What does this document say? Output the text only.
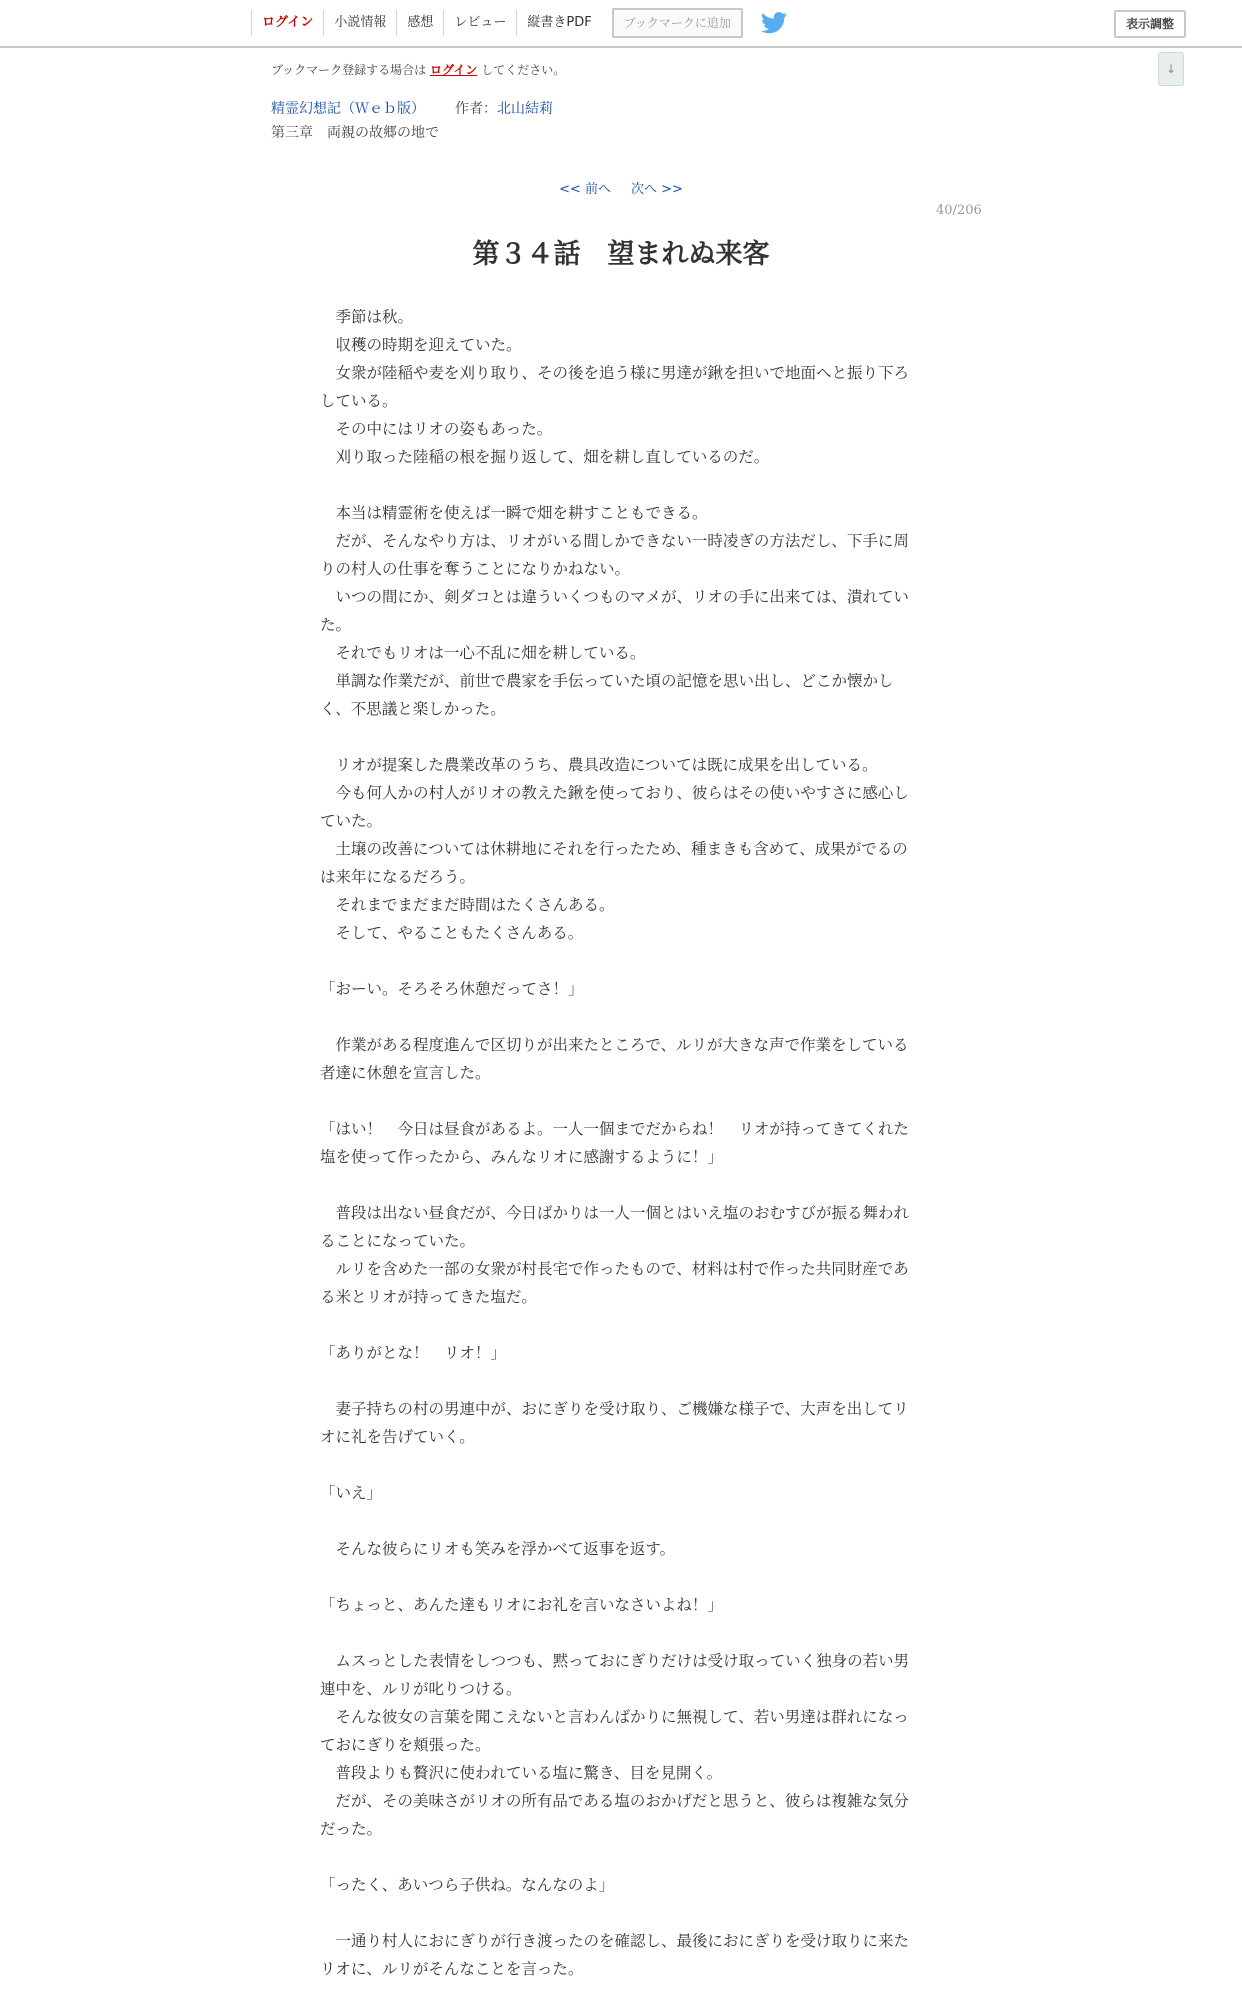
ログイン	小説情報	感想	レビュー	縦書きPDF	ブックマークに追加	表示調整
↓
ブックマーク登録する場合は ログイン してください。
精霊幻想記（Ｗｅｂ版） 作者：北山結莉
第三章　両親の故郷の地で
<< 前へ 次へ >>
40/206
第３４話　望まれぬ来客

　季節は秋。

　収穫の時期を迎えていた。

　女衆が陸稲や麦を刈り取り、その後を追う様に男達が鍬を担いで地面へと振り下ろしている。

　その中にはリオの姿もあった。

　刈り取った陸稲の根を掘り返して、畑を耕し直しているのだ。

　本当は精霊術を使えば一瞬で畑を耕すこともできる。

　だが、そんなやり方は、リオがいる間しかできない一時凌ぎの方法だし、下手に周りの村人の仕事を奪うことになりかねない。

　いつの間にか、剣ダコとは違ういくつものマメが、リオの手に出来ては、潰れていた。

　それでもリオは一心不乱に畑を耕している。

　単調な作業だが、前世で農家を手伝っていた頃の記憶を思い出し、どこか懐かしく、不思議と楽しかった。

　リオが提案した農業改革のうち、農具改造については既に成果を出している。

　今も何人かの村人がリオの教えた鍬を使っており、彼らはその使いやすさに感心していた。

　土壌の改善については休耕地にそれを行ったため、種まきも含めて、成果がでるのは来年になるだろう。

　それまでまだまだ時間はたくさんある。

　そして、やることもたくさんある。

「おーい。そろそろ休憩だってさ！」

　作業がある程度進んで区切りが出来たところで、ルリが大きな声で作業をしている者達に休憩を宣言した。

「はい！　今日は昼食があるよ。一人一個までだからね！　リオが持ってきてくれた塩を使って作ったから、みんなリオに感謝するように！」

　普段は出ない昼食だが、今日ばかりは一人一個とはいえ塩のおむすびが振る舞われることになっていた。

　ルリを含めた一部の女衆が村長宅で作ったもので、材料は村で作った共同財産である米とリオが持ってきた塩だ。

「ありがとな！　リオ！」

　妻子持ちの村の男連中が、おにぎりを受け取り、ご機嫌な様子で、大声を出してリオに礼を告げていく。

「いえ」

　そんな彼らにリオも笑みを浮かべて返事を返す。

「ちょっと、あんた達もリオにお礼を言いなさいよね！」

　ムスっとした表情をしつつも、黙っておにぎりだけは受け取っていく独身の若い男連中を、ルリが叱りつける。

　そんな彼女の言葉を聞こえないと言わんばかりに無視して、若い男達は群れになっておにぎりを頬張った。

　普段よりも贅沢に使われている塩に驚き、目を見開く。

　だが、その美味さがリオの所有品である塩のおかげだと思うと、彼らは複雑な気分だった。

「ったく、あいつら子供ね。なんなのよ」

　一通り村人におにぎりが行き渡ったのを確認し、最後におにぎりを受け取りに来たリオに、ルリがそんなことを言った。
